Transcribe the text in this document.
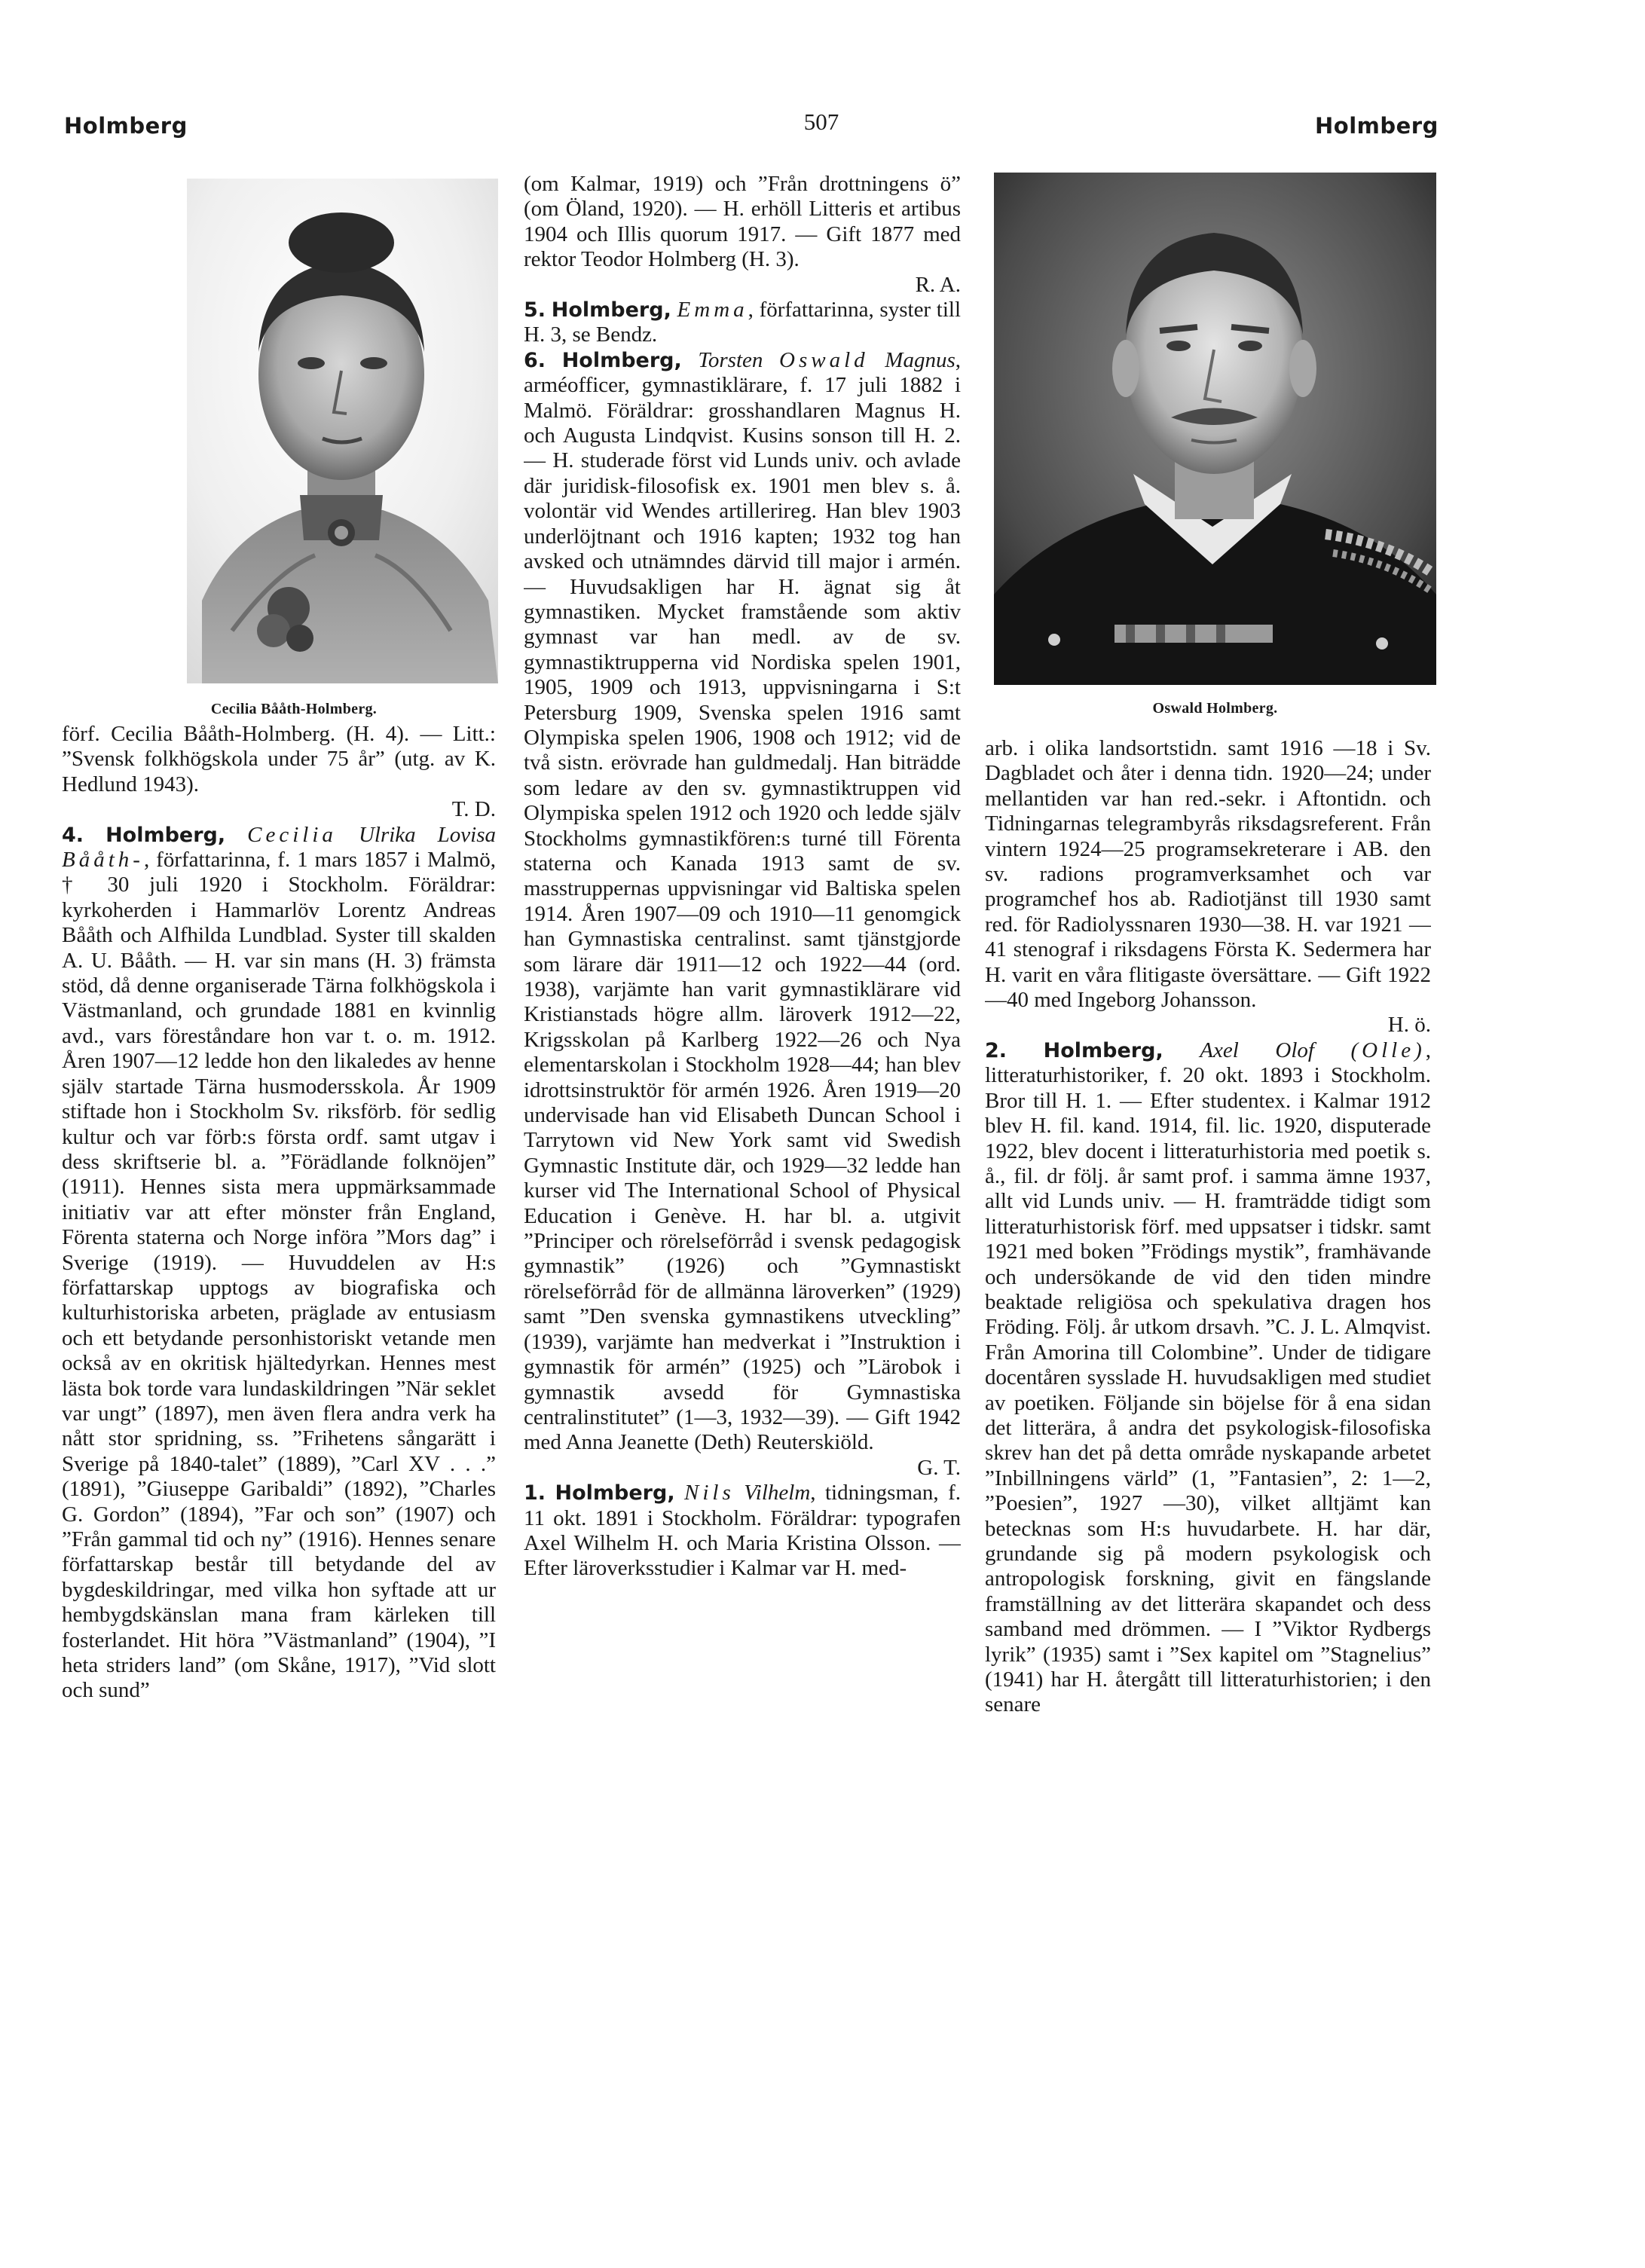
Holmberg	507	Holmberg
Cecilia Bååth-Holmberg.	Oswald Holmberg.

förf. Cecilia Bååth-Holmberg. (H. 4). — Litt.: ”Svensk folkhögskola under 75 år” (utg. av K. Hedlund 1943).

T. D.

4. Holmberg, Cecilia Ulrika Lovisa Bååth-, författarinna, f. 1 mars 1857 i Malmö, † 30 juli 1920 i Stockholm. Föräldrar: kyrkoherden i Hammarlöv Lorentz Andreas Bååth och Alfhilda Lundblad. Syster till skalden A. U. Bååth. — H. var sin mans (H. 3) främsta stöd, då denne organiserade Tärna folkhögskola i Västmanland, och grundade 1881 en kvinnlig avd., vars föreståndare hon var t. o. m. 1912. Åren 1907—12 ledde hon den likaledes av henne själv startade Tärna husmodersskola. År 1909 stiftade hon i Stockholm Sv. riksförb. för sedlig kultur och var förb:s första ordf. samt utgav i dess skriftserie bl. a. ”Förädlande folknöjen” (1911). Hennes sista mera uppmärksammade initiativ var att efter mönster från England, Förenta staterna och Norge införa ”Mors dag” i Sverige (1919). — Huvuddelen av H:s författarskap upptogs av biografiska och kulturhistoriska arbeten, präglade av entusiasm och ett betydande personhistoriskt vetande men också av en okritisk hjältedyrkan. Hennes mest lästa bok torde vara lundaskildringen ”När seklet var ungt” (1897), men även flera andra verk ha nått stor spridning, ss. ”Frihetens sångarätt i Sverige på 1840-talet” (1889), ”Carl XV . . .” (1891), ”Giuseppe Garibaldi” (1892), ”Charles G. Gordon” (1894), ”Far och son” (1907) och ”Från gammal tid och ny” (1916). Hennes senare författarskap består till betydande del av bygdeskildringar, med vilka hon syftade att ur hembygdskänslan mana fram kärleken till fosterlandet. Hit höra ”Västmanland” (1904), ”I heta striders land” (om Skåne, 1917), ”Vid slott och sund”

(om Kalmar, 1919) och ”Från drottningens ö” (om Öland, 1920). — H. erhöll Litteris et artibus 1904 och Illis quorum 1917. — Gift 1877 med rektor Teodor Holmberg (H. 3).

R. A.

5. Holmberg, Emma, författarinna, syster till H. 3, se Bendz.

6. Holmberg, Torsten Oswald Magnus, arméofficer, gymnastiklärare, f. 17 juli 1882 i Malmö. Föräldrar: grosshandlaren Magnus H. och Augusta Lindqvist. Kusins sonson till H. 2. — H. studerade först vid Lunds univ. och avlade där juridisk-filosofisk ex. 1901 men blev s. å. volontär vid Wendes artillerireg. Han blev 1903 underlöjtnant och 1916 kapten; 1932 tog han avsked och utnämndes därvid till major i armén. — Huvudsakligen har H. ägnat sig åt gymnastiken. Mycket framstående som aktiv gymnast var han medl. av de sv. gymnastiktrupperna vid Nordiska spelen 1901, 1905, 1909 och 1913, uppvisningarna i S:t Petersburg 1909, Svenska spelen 1916 samt Olympiska spelen 1906, 1908 och 1912; vid de två sistn. erövrade han guldmedalj. Han biträdde som ledare av den sv. gymnastiktruppen vid Olympiska spelen 1912 och 1920 och ledde själv Stockholms gymnastikfören:s turné till Förenta staterna och Kanada 1913 samt de sv. masstruppernas uppvisningar vid Baltiska spelen 1914. Åren 1907—09 och 1910—11 genomgick han Gymnastiska centralinst. samt tjänstgjorde som lärare där 1911—12 och 1922—44 (ord. 1938), varjämte han varit gymnastiklärare vid Kristianstads högre allm. läroverk 1912—22, Krigsskolan på Karlberg 1922—26 och Nya elementarskolan i Stockholm 1928—44; han blev idrottsinstruktör för armén 1926. Åren 1919—20 undervisade han vid Elisabeth Duncan School i Tarrytown vid New York samt vid Swedish Gymnastic Institute där, och 1929—32 ledde han kurser vid The International School of Physical Education i Genève. H. har bl. a. utgivit ”Principer och rörelseförråd i svensk pedagogisk gymnastik” (1926) och ”Gymnastiskt rörelseförråd för de allmänna läroverken” (1929) samt ”Den svenska gymnastikens utveckling” (1939), varjämte han medverkat i ”Instruktion i gymnastik för armén” (1925) och ”Lärobok i gymnastik avsedd för Gymnastiska centralinstitutet” (1—3, 1932—39). — Gift 1942 med Anna Jeanette (Deth) Reuterskiöld.

G. T.

1. Holmberg, Nils Vilhelm, tidningsman, f. 11 okt. 1891 i Stockholm. Föräldrar: typografen Axel Wilhelm H. och Maria Kristina Olsson. — Efter läroverksstudier i Kalmar var H. med-

arb. i olika landsortstidn. samt 1916 —18 i Sv. Dagbladet och åter i denna tidn. 1920—24; under mellantiden var han red.-sekr. i Aftontidn. och Tidningarnas telegrambyrås riksdagsreferent. Från vintern 1924—25 programsekreterare i AB. den sv. radions programverksamhet och var programchef hos ab. Radiotjänst till 1930 samt red. för Radiolyssnaren 1930—38. H. var 1921 —41 stenograf i riksdagens Första K. Sedermera har H. varit en våra flitigaste översättare. — Gift 1922—40 med Ingeborg Johansson.

H. ö.

2. Holmberg, Axel Olof (Olle), litteraturhistoriker, f. 20 okt. 1893 i Stockholm. Bror till H. 1. — Efter studentex. i Kalmar 1912 blev H. fil. kand. 1914, fil. lic. 1920, disputerade 1922, blev docent i litteraturhistoria med poetik s. å., fil. dr följ. år samt prof. i samma ämne 1937, allt vid Lunds univ. — H. framträdde tidigt som litteraturhistorisk förf. med uppsatser i tidskr. samt 1921 med boken ”Frödings mystik”, framhävande och undersökande de vid den tiden mindre beaktade religiösa och spekulativa dragen hos Fröding. Följ. år utkom drsavh. ”C. J. L. Almqvist. Från Amorina till Colombine”. Under de tidigare docentåren sysslade H. huvudsakligen med studiet av poetiken. Följande sin böjelse för å ena sidan det litterära, å andra det psykologisk-filosofiska skrev han det på detta område nyskapande arbetet ”Inbillningens värld” (1, ”Fantasien”, 2: 1—2, ”Poesien”, 1927 —30), vilket alltjämt kan betecknas som H:s huvudarbete. H. har där, grundande sig på modern psykologisk och antropologisk forskning, givit en fängslande framställning av det litterära skapandet och dess samband med drömmen. — I ”Viktor Rydbergs lyrik” (1935) samt i ”Sex kapitel om ”Stagnelius” (1941) har H. återgått till litteraturhistorien; i den senare
